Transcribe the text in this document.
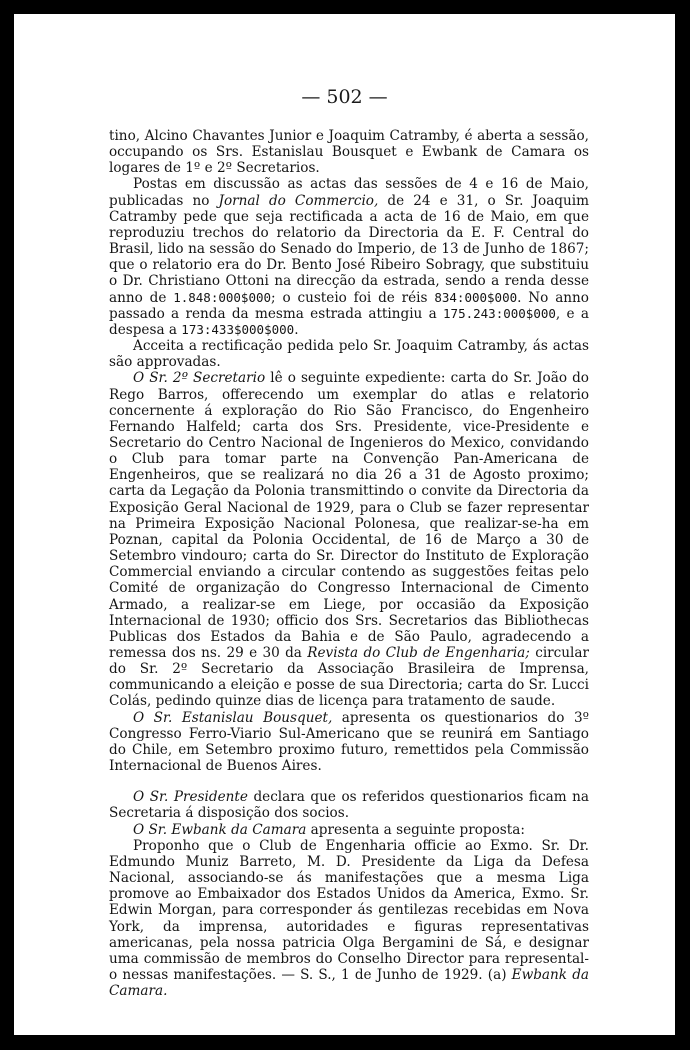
— 502 —

tino, Alcino Chavantes Junior e Joaquim Catramby, é aberta a sessão, occupando os Srs. Estanislau Bousquet e Ewbank de Camara os logares de 1º e 2º Secretarios.

Postas em discussão as actas das sessões de 4 e 16 de Maio, publicadas no Jornal do Commercio, de 24 e 31, o Sr. Joaquim Catramby pede que seja rectificada a acta de 16 de Maio, em que reproduziu trechos do relatorio da Directoria da E. F. Central do Brasil, lido na sessão do Senado do Imperio, de 13 de Junho de 1867; que o relatorio era do Dr. Bento José Ribeiro Sobragy, que substituiu o Dr. Christiano Ottoni na direcção da estrada, sendo a renda desse anno de 1.848:000$000; o custeio foi de réis 834:000$000. No anno passado a renda da mesma estrada attingiu a 175.243:000$000, e a despesa a 173:433$000$000.

Acceita a rectificação pedida pelo Sr. Joaquim Catramby, ás actas são approvadas.

O Sr. 2º Secretario lê o seguinte expediente: carta do Sr. João do Rego Barros, offerecendo um exemplar do atlas e relatorio concernente á exploração do Rio São Francisco, do Engenheiro Fernando Halfeld; carta dos Srs. Presidente, vice-Presidente e Secretario do Centro Nacional de Ingenieros do Mexico, convidando o Club para tomar parte na Convenção Pan-Americana de Engenheiros, que se realizará no dia 26 a 31 de Agosto proximo; carta da Legação da Polonia transmittindo o convite da Directoria da Exposição Geral Nacional de 1929, para o Club se fazer representar na Primeira Exposição Nacional Polonesa, que realizar-se-ha em Poznan, capital da Polonia Occidental, de 16 de Março a 30 de Setembro vindouro; carta do Sr. Director do Instituto de Exploração Commercial enviando a circular contendo as suggestões feitas pelo Comité de organização do Congresso Internacional de Cimento Armado, a realizar-se em Liege, por occasião da Exposição Internacional de 1930; officio dos Srs. Secretarios das Bibliothecas Publicas dos Estados da Bahia e de São Paulo, agradecendo a remessa dos ns. 29 e 30 da Revista do Club de Engenharia; circular do Sr. 2º Secretario da Associação Brasileira de Imprensa, communicando a eleição e posse de sua Directoria; carta do Sr. Lucci Colás, pedindo quinze dias de licença para tratamento de saude.

O Sr. Estanislau Bousquet, apresenta os questionarios do 3º Congresso Ferro-Viario Sul-Americano que se reunirá em Santiago do Chile, em Setembro proximo futuro, remettidos pela Commissão Internacional de Buenos Aires.

O Sr. Presidente declara que os referidos questionarios ficam na Secretaria á disposição dos socios.

O Sr. Ewbank da Camara apresenta a seguinte proposta:

Proponho que o Club de Engenharia officie ao Exmo. Sr. Dr. Edmundo Muniz Barreto, M. D. Presidente da Liga da Defesa Nacional, associando-se ás manifestações que a mesma Liga promove ao Embaixador dos Estados Unidos da America, Exmo. Sr. Edwin Morgan, para corresponder ás gentilezas recebidas em Nova York, da imprensa, autoridades e figuras representativas americanas, pela nossa patricia Olga Bergamini de Sá, e designar uma commissão de membros do Conselho Director para represental-o nessas manifestações. — S. S., 1 de Junho de 1929. (a) Ewbank da Camara.
